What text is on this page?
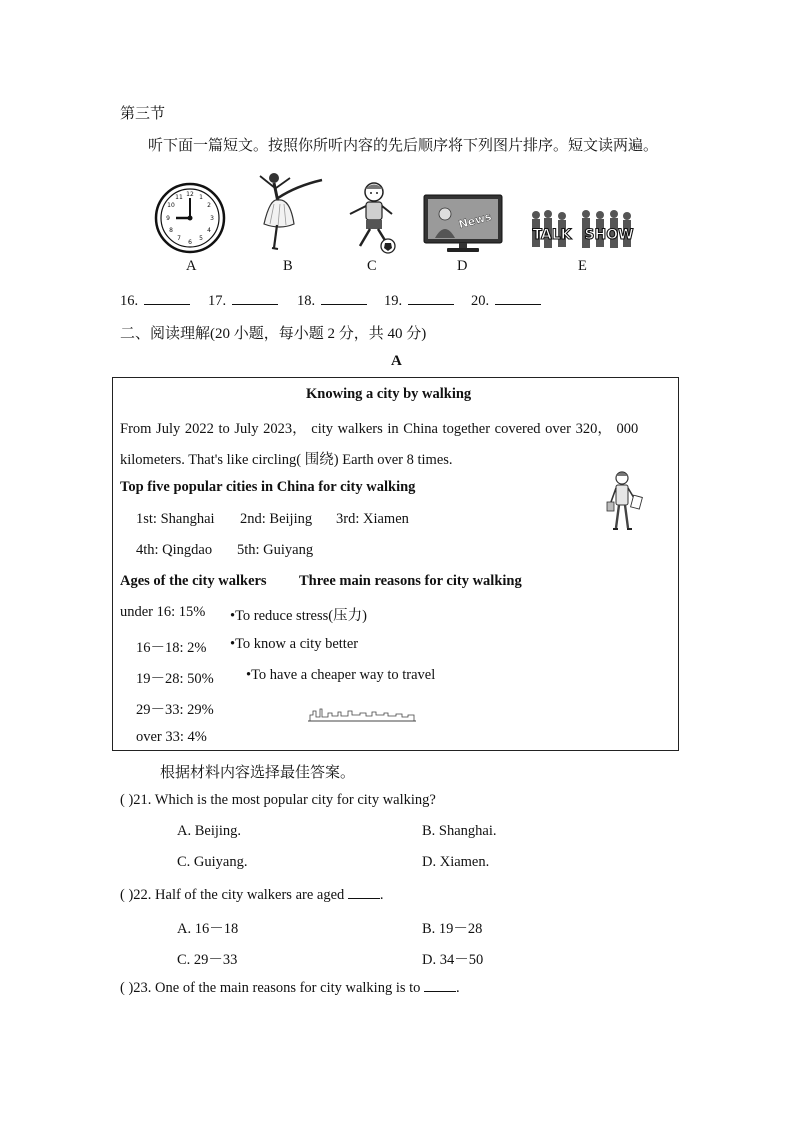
第三节
听下面一篇短文。按照你所听内容的先后顺序将下列图片排序。短文读两遍。
12 1
2
3
4
5
6
7
8
9
10
11
A	B	C
News
D
TALK SHOW
E
16.	17.	18.	19.	20.
二、阅读理解(20 小题，每小题 2 分，共 40 分)
A
Knowing a city by walking
From July 2022 to July 2023， city walkers in China together covered over 320， 000
kilometers. That's like circling( 围绕) Earth over 8 times.
Top five popular cities in China for city walking
1st: Shanghai 2nd: Beijing 3rd: Xiamen
4th: Qingdao 5th: Guiyang
Ages of the city walkers Three main reasons for city walking
under 16: 15% •To reduce stress(压力)
16－18: 2% •To know a city better
19－28: 50% •To have a cheaper way to travel
29－33: 29%
over 33: 4%
根据材料内容选择最佳答案。
( )21. Which is the most popular city for city walking?
A. Beijing.	B. Shanghai.
C. Guiyang.	D. Xiamen.
( )22. Half of the city walkers are aged .
A. 16－18	B. 19－28
C. 29－33	D. 34－50
( )23. One of the main reasons for city walking is to .
